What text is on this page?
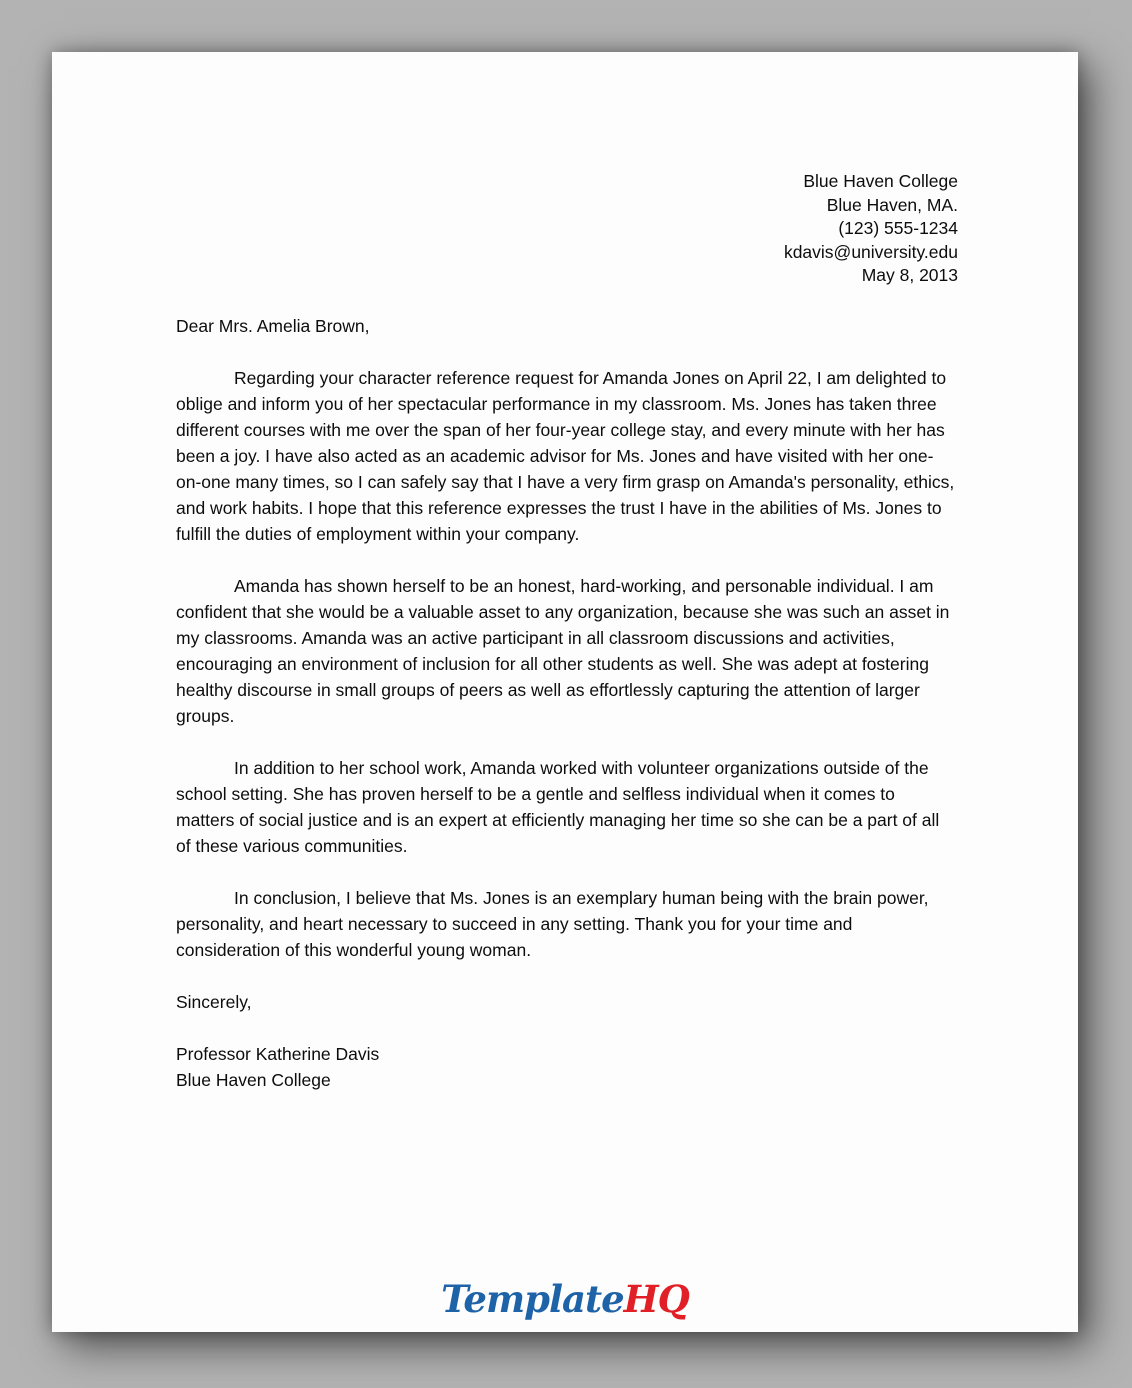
Blue Haven College
Blue Haven, MA.
(123) 555-1234
kdavis@university.edu
May 8, 2013

Dear Mrs. Amelia Brown,

Regarding your character reference request for Amanda Jones on April 22, I am delighted to oblige and inform you of her spectacular performance in my classroom. Ms. Jones has taken three different courses with me over the span of her four-year college stay, and every minute with her has been a joy. I have also acted as an academic advisor for Ms. Jones and have visited with her one-on-one many times, so I can safely say that I have a very firm grasp on Amanda's personality, ethics, and work habits. I hope that this reference expresses the trust I have in the abilities of Ms. Jones to fulfill the duties of employment within your company.

Amanda has shown herself to be an honest, hard-working, and personable individual. I am confident that she would be a valuable asset to any organization, because she was such an asset in my classrooms. Amanda was an active participant in all classroom discussions and activities, encouraging an environment of inclusion for all other students as well. She was adept at fostering healthy discourse in small groups of peers as well as effortlessly capturing the attention of larger groups.

In addition to her school work, Amanda worked with volunteer organizations outside of the school setting. She has proven herself to be a gentle and selfless individual when it comes to matters of social justice and is an expert at efficiently managing her time so she can be a part of all of these various communities.

In conclusion, I believe that Ms. Jones is an exemplary human being with the brain power, personality, and heart necessary to succeed in any setting. Thank you for your time and consideration of this wonderful young woman.

Sincerely,

Professor Katherine Davis
Blue Haven College
TemplateHQ
